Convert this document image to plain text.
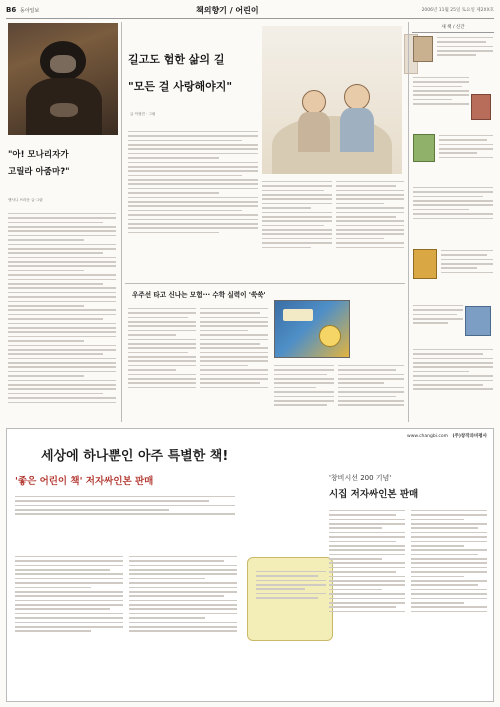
B6 동아일보	책의향기 / 어린이	2006년 11월 25일 토요일 제2XX호
"아! 모나리자가
고릴라 아줌마?"
앤서니 브라운 글·그림
길고도 험한 삶의 길
"모든 걸 사랑해야지"
글 이형진 · 그림
우주선 타고 신나는 모험··· 수학 실력이 '쑥쑥'
새 책 / 신간
www.changbi.com (주)창작과비평사
세상에 하나뿐인 아주 특별한 책!
'좋은 어린이 책' 저자싸인본 판매	'창비시선 200 기념'
시집 저자싸인본 판매
